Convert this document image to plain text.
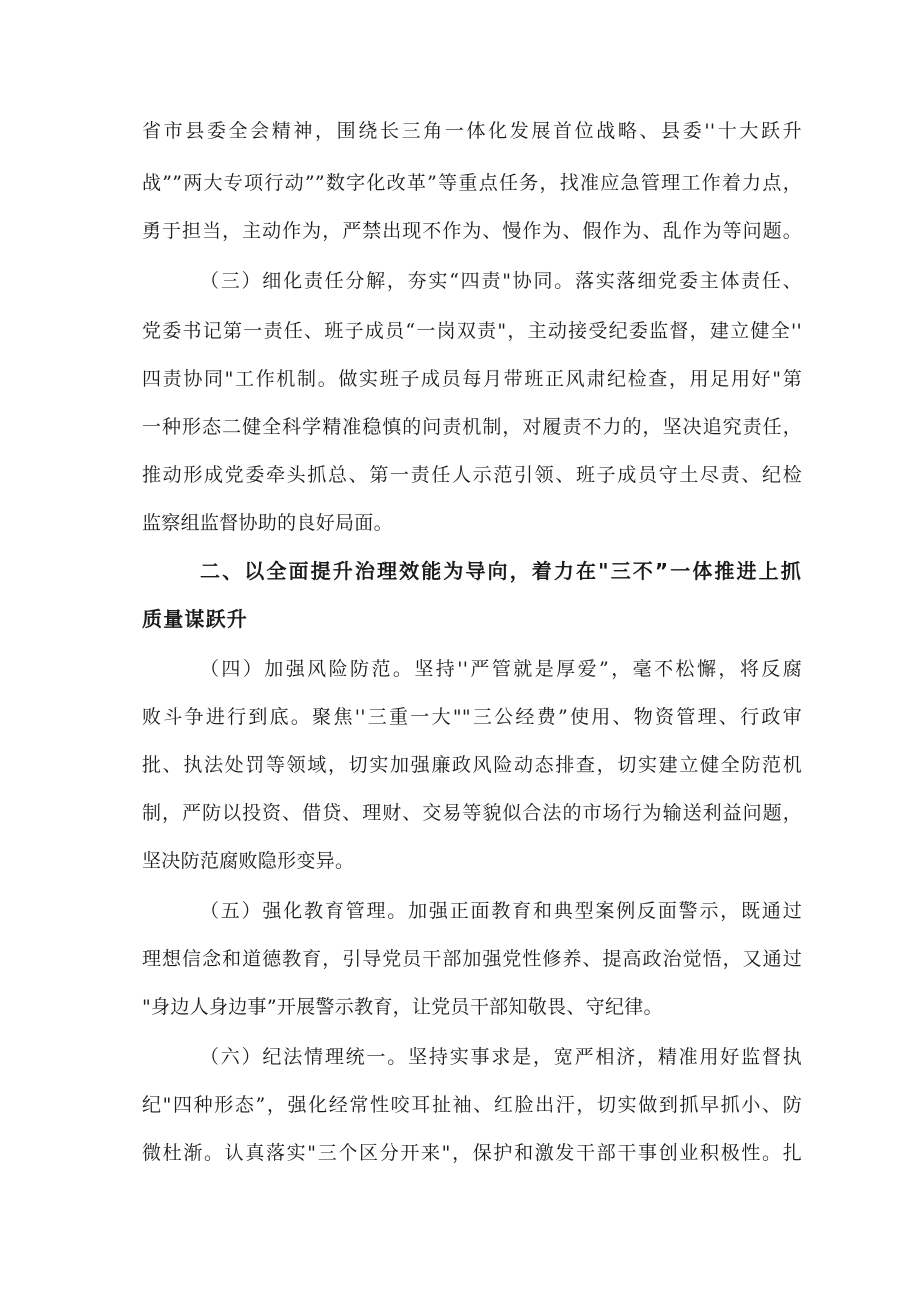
省市县委全会精神，围绕长三角一体化发展首位战略、县委''十大跃升
战””两大专项行动””数字化改革”等重点任务，找准应急管理工作着力点，
勇于担当，主动作为，严禁出现不作为、慢作为、假作为、乱作为等问题。
（三）细化责任分解，夯实“四责"协同。落实落细党委主体责任、
党委书记第一责任、班子成员“一岗双责"，主动接受纪委监督，建立健全''
四责协同"工作机制。做实班子成员每月带班正风肃纪检查，用足用好"第
一种形态二健全科学精准稳慎的问责机制，对履责不力的，坚决追究责任，
推动形成党委牵头抓总、第一责任人示范引领、班子成员守土尽责、纪检
监察组监督协助的良好局面。
二、以全面提升治理效能为导向，着力在"三不”一体推进上抓
质量谋跃升
（四）加强风险防范。坚持''严管就是厚爱”，毫不松懈，将反腐
败斗争进行到底。聚焦''三重一大""三公经费”使用、物资管理、行政审
批、执法处罚等领域，切实加强廉政风险动态排查，切实建立健全防范机
制，严防以投资、借贷、理财、交易等貌似合法的市场行为输送利益问题，
坚决防范腐败隐形变异。
（五）强化教育管理。加强正面教育和典型案例反面警示，既通过
理想信念和道德教育，引导党员干部加强党性修养、提高政治觉悟，又通过
"身边人身边事”开展警示教育，让党员干部知敬畏、守纪律。
（六）纪法情理统一。坚持实事求是，宽严相济，精准用好监督执
纪"四种形态”，强化经常性咬耳扯袖、红脸出汗，切实做到抓早抓小、防
微杜渐。认真落实"三个区分开来"，保护和激发干部干事创业积极性。扎
